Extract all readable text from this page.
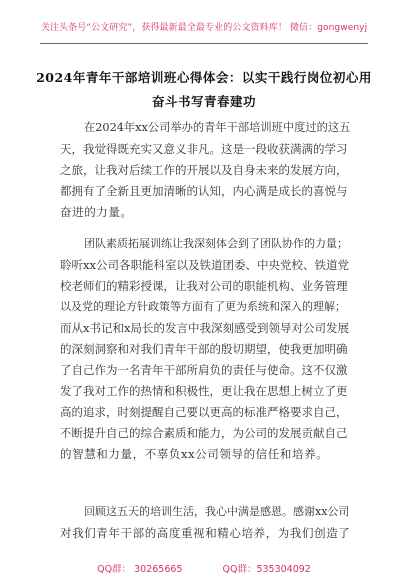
关注头条号“公文研究”，获得最新最全最专业的公文资料库！ 微信：gongwenyj
2024年青年干部培训班心得体会：以实干践行岗位初心用
奋斗书写青春建功
在2024年xx公司举办的青年干部培训班中度过的这五
天，我觉得既充实又意义非凡。这是一段收获满满的学习
之旅，让我对后续工作的开展以及自身未来的发展方向，
都拥有了全新且更加清晰的认知，内心满是成长的喜悦与
奋进的力量。
团队素质拓展训练让我深刻体会到了团队协作的力量；
聆听xx公司各职能科室以及铁道团委、中央党校、铁道党
校老师们的精彩授课，让我对公司的职能机构、业务管理
以及党的理论方针政策等方面有了更为系统和深入的理解；
而从x书记和x局长的发言中我深刻感受到领导对公司发展
的深刻洞察和对我们青年干部的殷切期望，使我更加明确
了自己作为一名青年干部所肩负的责任与使命。这不仅激
发了我对工作的热情和积极性，更让我在思想上树立了更
高的追求，时刻提醒自己要以更高的标准严格要求自己，
不断提升自己的综合素质和能力，为公司的发展贡献自己
的智慧和力量，不辜负xx公司领导的信任和培养。
回顾这五天的培训生活，我心中满是感恩。感谢xx公司
对我们青年干部的高度重视和精心培养，为我们创造了
QQ群： 30265665	QQ群：535304092
